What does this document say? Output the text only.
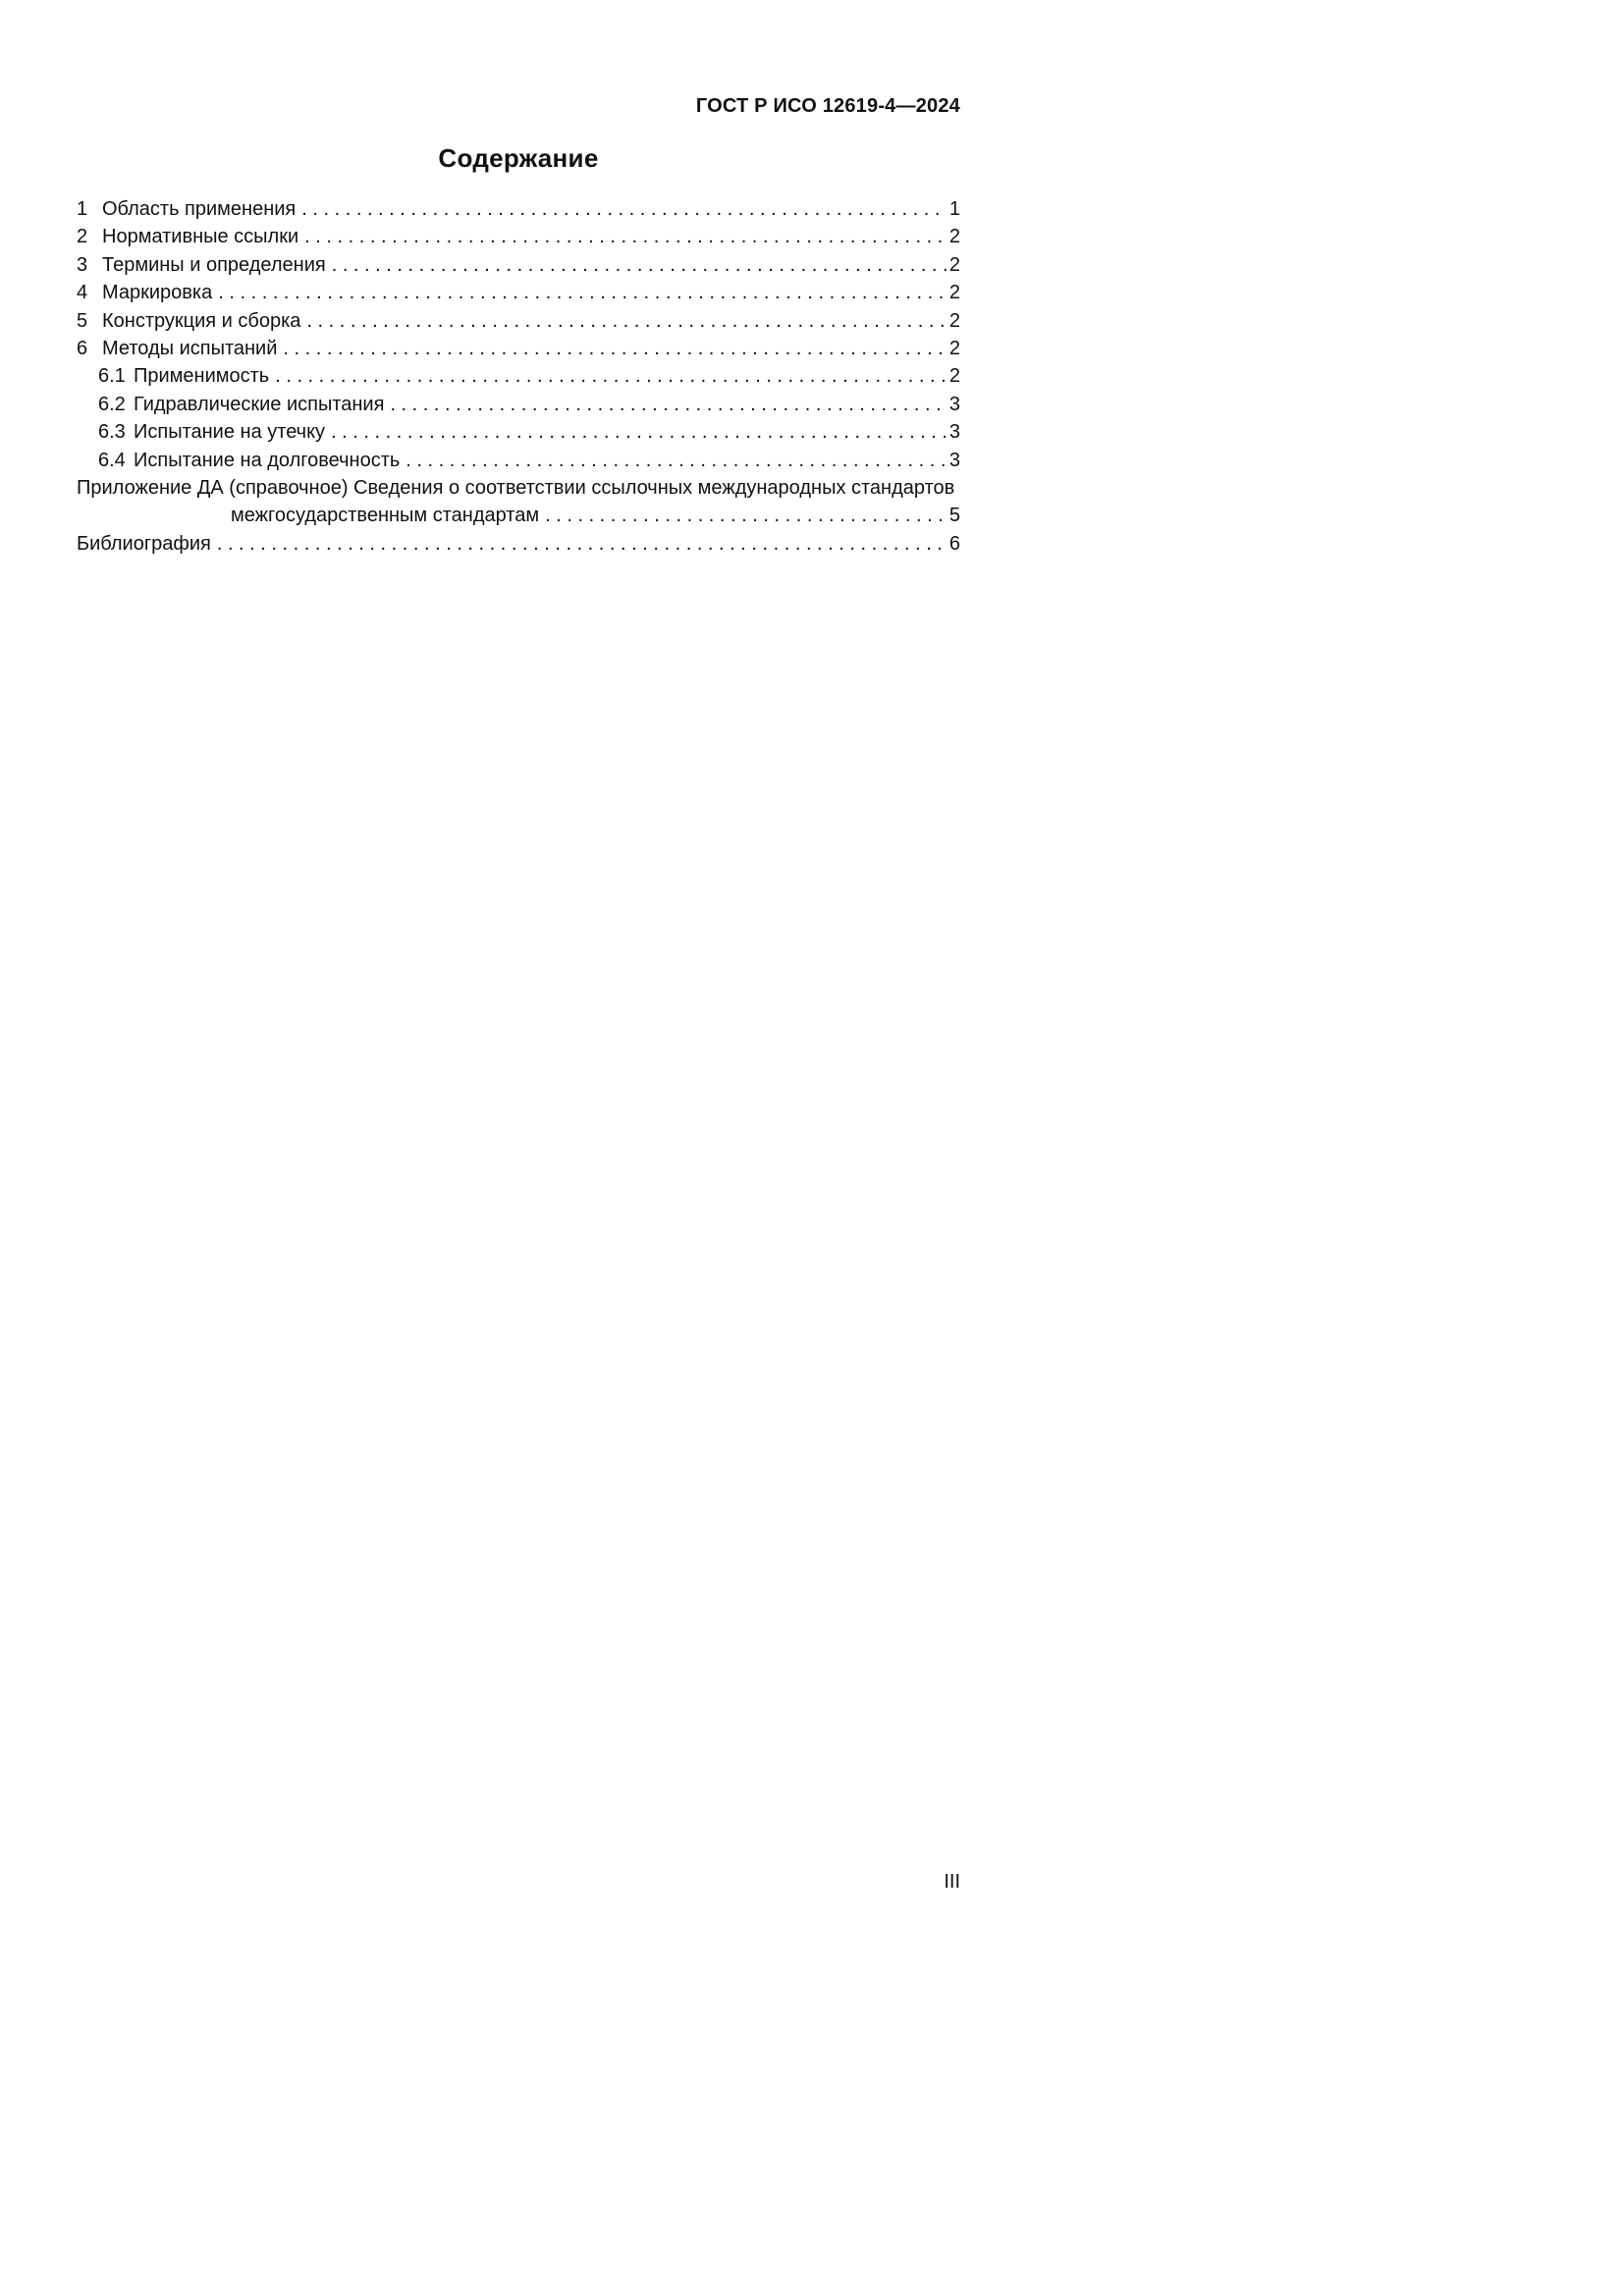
ГОСТ Р ИСО 12619-4—2024
Содержание
1 Область применения . . .	1
2 Нормативные ссылки . . .	2
3 Термины и определения . . .	2
4 Маркировка . . .	2
5 Конструкция и сборка . . .	2
6 Методы испытаний . . .	2
6.1 Применимость . . .	2
6.2 Гидравлические испытания . . .	3
6.3 Испытание на утечку . . .	3
6.4 Испытание на долговечность . . .	3
Приложение ДА (справочное) Сведения о соответствии ссылочных международных стандартов
межгосударственным стандартам . . .	5
Библиография . . .	6
III
